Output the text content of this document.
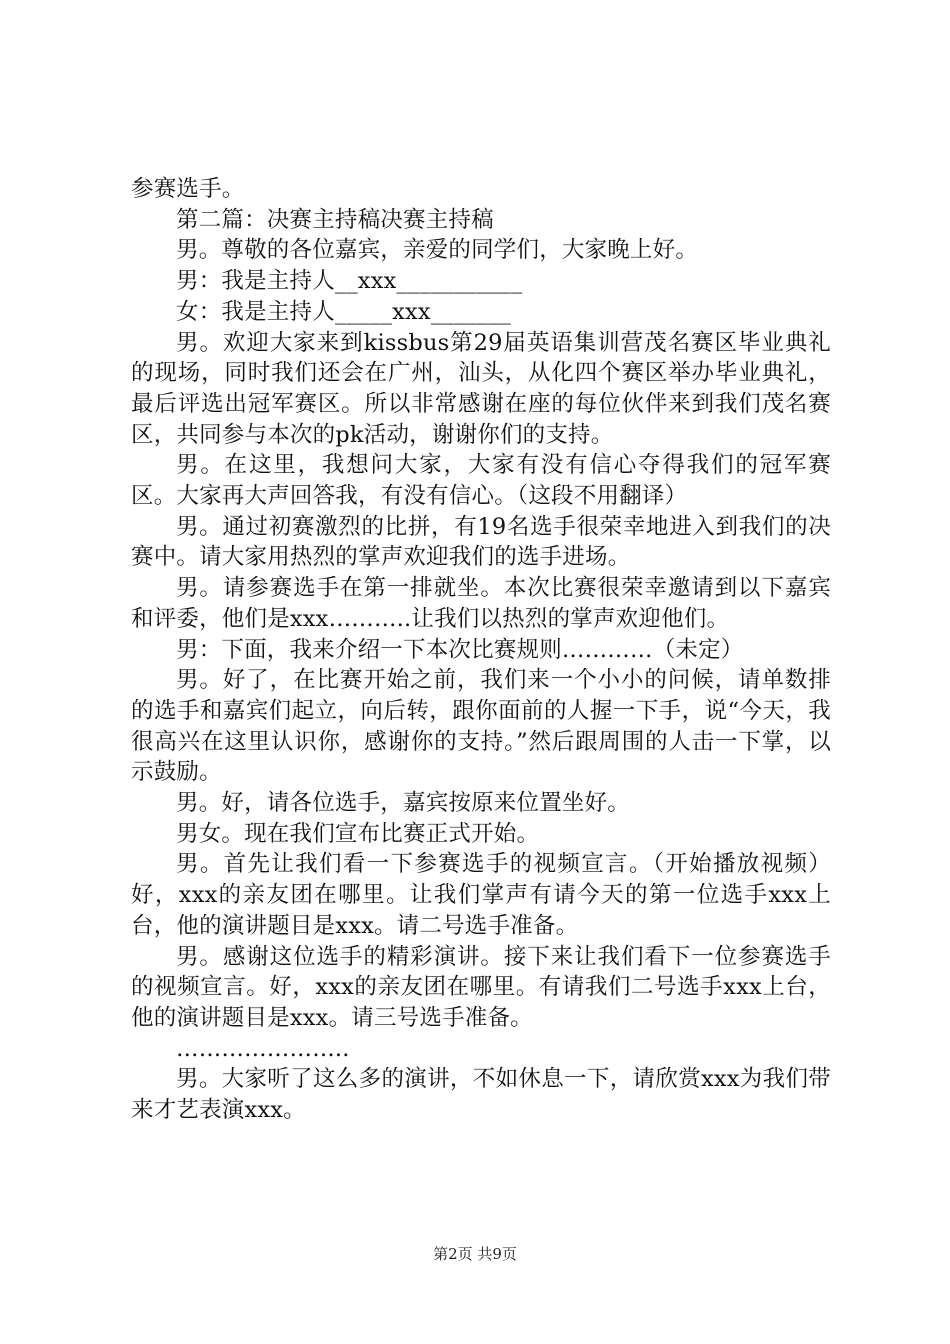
参赛选手。

第二篇：决赛主持稿决赛主持稿

男。尊敬的各位嘉宾，亲爱的同学们，大家晚上好。

男：我是主持人__xxx___________

女：我是主持人_____xxx_______

男。欢迎大家来到kissbus第29届英语集训营茂名赛区毕业典礼的现场，同时我们还会在广州，汕头，从化四个赛区举办毕业典礼，最后评选出冠军赛区。所以非常感谢在座的每位伙伴来到我们茂名赛区，共同参与本次的pk活动，谢谢你们的支持。

男。在这里，我想问大家，大家有没有信心夺得我们的冠军赛区。大家再大声回答我，有没有信心。（这段不用翻译）

男。通过初赛激烈的比拼，有19名选手很荣幸地进入到我们的决赛中。请大家用热烈的掌声欢迎我们的选手进场。

男。请参赛选手在第一排就坐。本次比赛很荣幸邀请到以下嘉宾和评委，他们是xxx………..让我们以热烈的掌声欢迎他们。

男：下面，我来介绍一下本次比赛规则…………（未定）

男。好了，在比赛开始之前，我们来一个小小的问候，请单数排的选手和嘉宾们起立，向后转，跟你面前的人握一下手，说“今天，我很高兴在这里认识你，感谢你的支持。”然后跟周围的人击一下掌，以示鼓励。

男。好，请各位选手，嘉宾按原来位置坐好。

男女。现在我们宣布比赛正式开始。

男。首先让我们看一下参赛选手的视频宣言。（开始播放视频）好，xxx的亲友团在哪里。让我们掌声有请今天的第一位选手xxx上台，他的演讲题目是xxx。请二号选手准备。

男。感谢这位选手的精彩演讲。接下来让我们看下一位参赛选手的视频宣言。好，xxx的亲友团在哪里。有请我们二号选手xxx上台，他的演讲题目是xxx。请三号选手准备。

…………………..

男。大家听了这么多的演讲，不如休息一下，请欣赏xxx为我们带来才艺表演xxx。

第2页 共9页
